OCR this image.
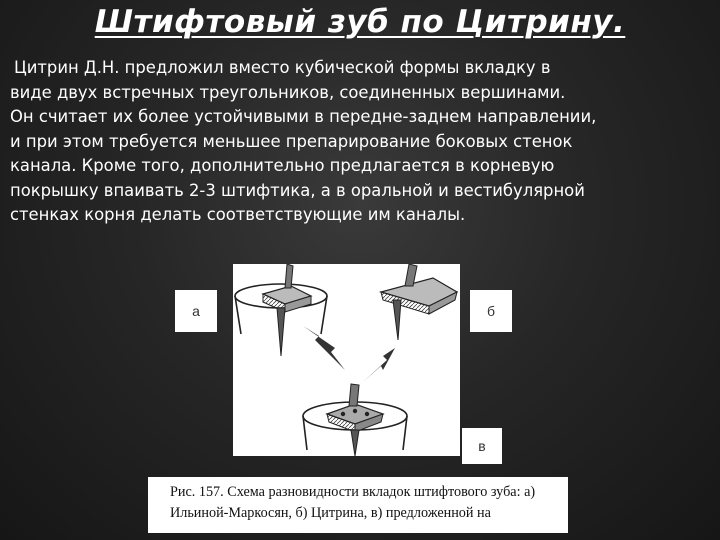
Штифтовый зуб по Цитрину.
Цитрин Д.Н. предложил вместо кубической формы вкладку в
виде двух встречных треугольников, соединенных вершинами.
Он считает их более устойчивыми в передне-заднем направлении,
и при этом требуется меньшее препарирование боковых стенок
канала. Кроме того, дополнительно предлагается в корневую
покрышку впаивать 2-3 штифтика, а в оральной и вестибулярной
стенках корня делать соответствующие им каналы.
а	б
в
Рис. 157. Схема разновидности вкладок штифтового зуба: а)
Ильиной-Маркосян, б) Цитрина, в) предложенной на
